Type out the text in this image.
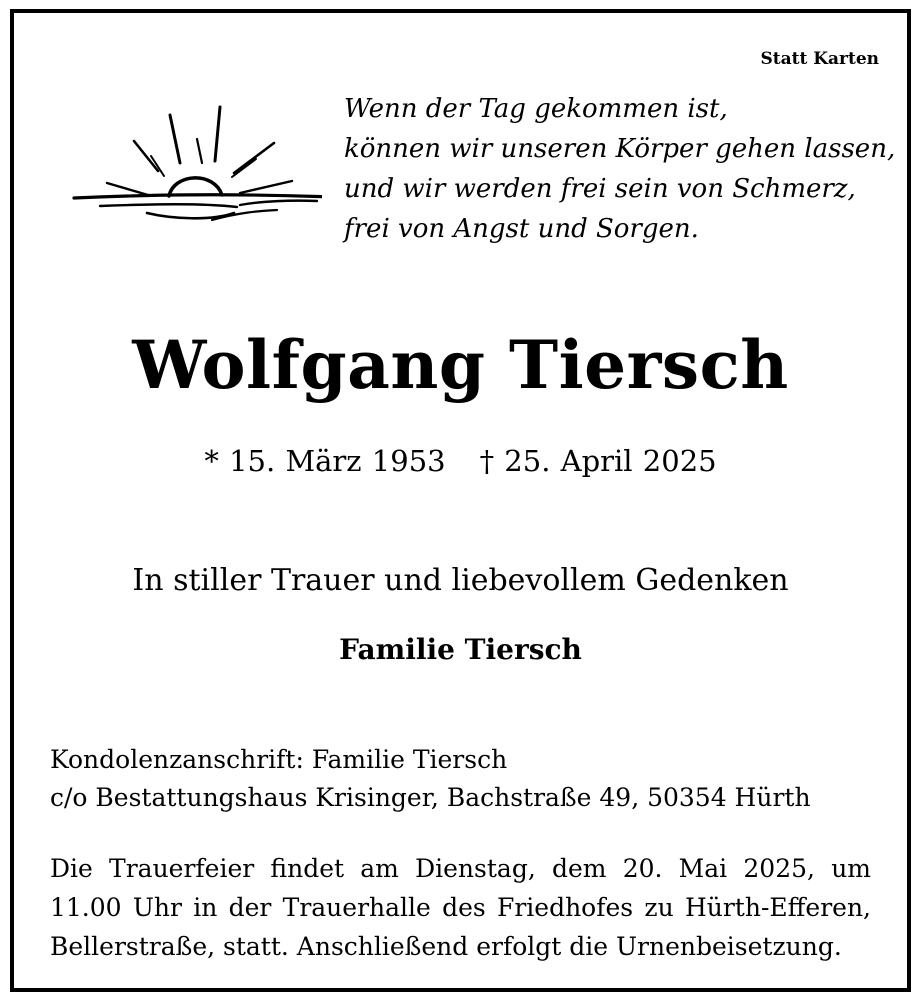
Statt Karten
Wenn der Tag gekommen ist,
können wir unseren Körper gehen lassen,
und wir werden frei sein von Schmerz,
frei von Angst und Sorgen.
Wolfgang Tiersch
* 15. März 1953 † 25. April 2025
In stiller Trauer und liebevollem Gedenken
Familie Tiersch
Kondolenzanschrift: Familie Tiersch
c/o Bestattungshaus Krisinger, Bachstraße 49, 50354 Hürth
Die Trauerfeier findet am Dienstag, dem 20. Mai 2025, um 11.00 Uhr in der Trauerhalle des Friedhofes zu Hürth-Efferen, Bellerstraße, statt. Anschließend erfolgt die Urnenbeisetzung.
